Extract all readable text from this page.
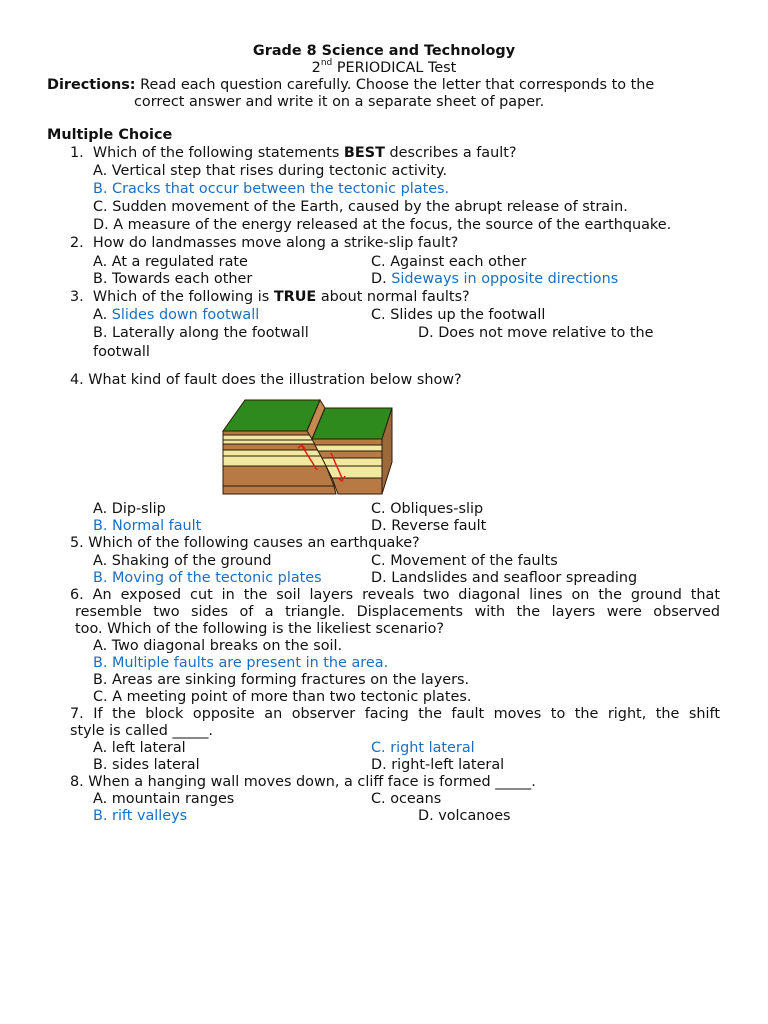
Grade 8 Science and Technology
2nd PERIODICAL Test
Directions: Read each question carefully. Choose the letter that corresponds to the
correct answer and write it on a separate sheet of paper.
Multiple Choice
1. Which of the following statements BEST describes a fault?
A. Vertical step that rises during tectonic activity.
B. Cracks that occur between the tectonic plates.
C. Sudden movement of the Earth, caused by the abrupt release of strain.
D. A measure of the energy released at the focus, the source of the earthquake.
2. How do landmasses move along a strike-slip fault?
A. At a regulated rate	C. Against each other
B. Towards each other	D. Sideways in opposite directions
3. Which of the following is TRUE about normal faults?
A. Slides down footwall	C. Slides up the footwall
B. Laterally along the footwall	D. Does not move relative to the
footwall
4. What kind of fault does the illustration below show?
A. Dip-slip	C. Obliques-slip
B. Normal fault	D. Reverse fault
5. Which of the following causes an earthquake?
A. Shaking of the ground	C. Movement of the faults
B. Moving of the tectonic plates	D. Landslides and seafloor spreading
6. An exposed cut in the soil layers reveals two diagonal lines on the ground that
resemble two sides of a triangle. Displacements with the layers were observed
too. Which of the following is the likeliest scenario?
A. Two diagonal breaks on the soil.
B. Multiple faults are present in the area.
B. Areas are sinking forming fractures on the layers.
C. A meeting point of more than two tectonic plates.
7. If the block opposite an observer facing the fault moves to the right, the shift
style is called _____.
A. left lateral	C. right lateral
B. sides lateral	D. right-left lateral
8. When a hanging wall moves down, a cliff face is formed _____.
A. mountain ranges	C. oceans
B. rift valleys	D. volcanoes
